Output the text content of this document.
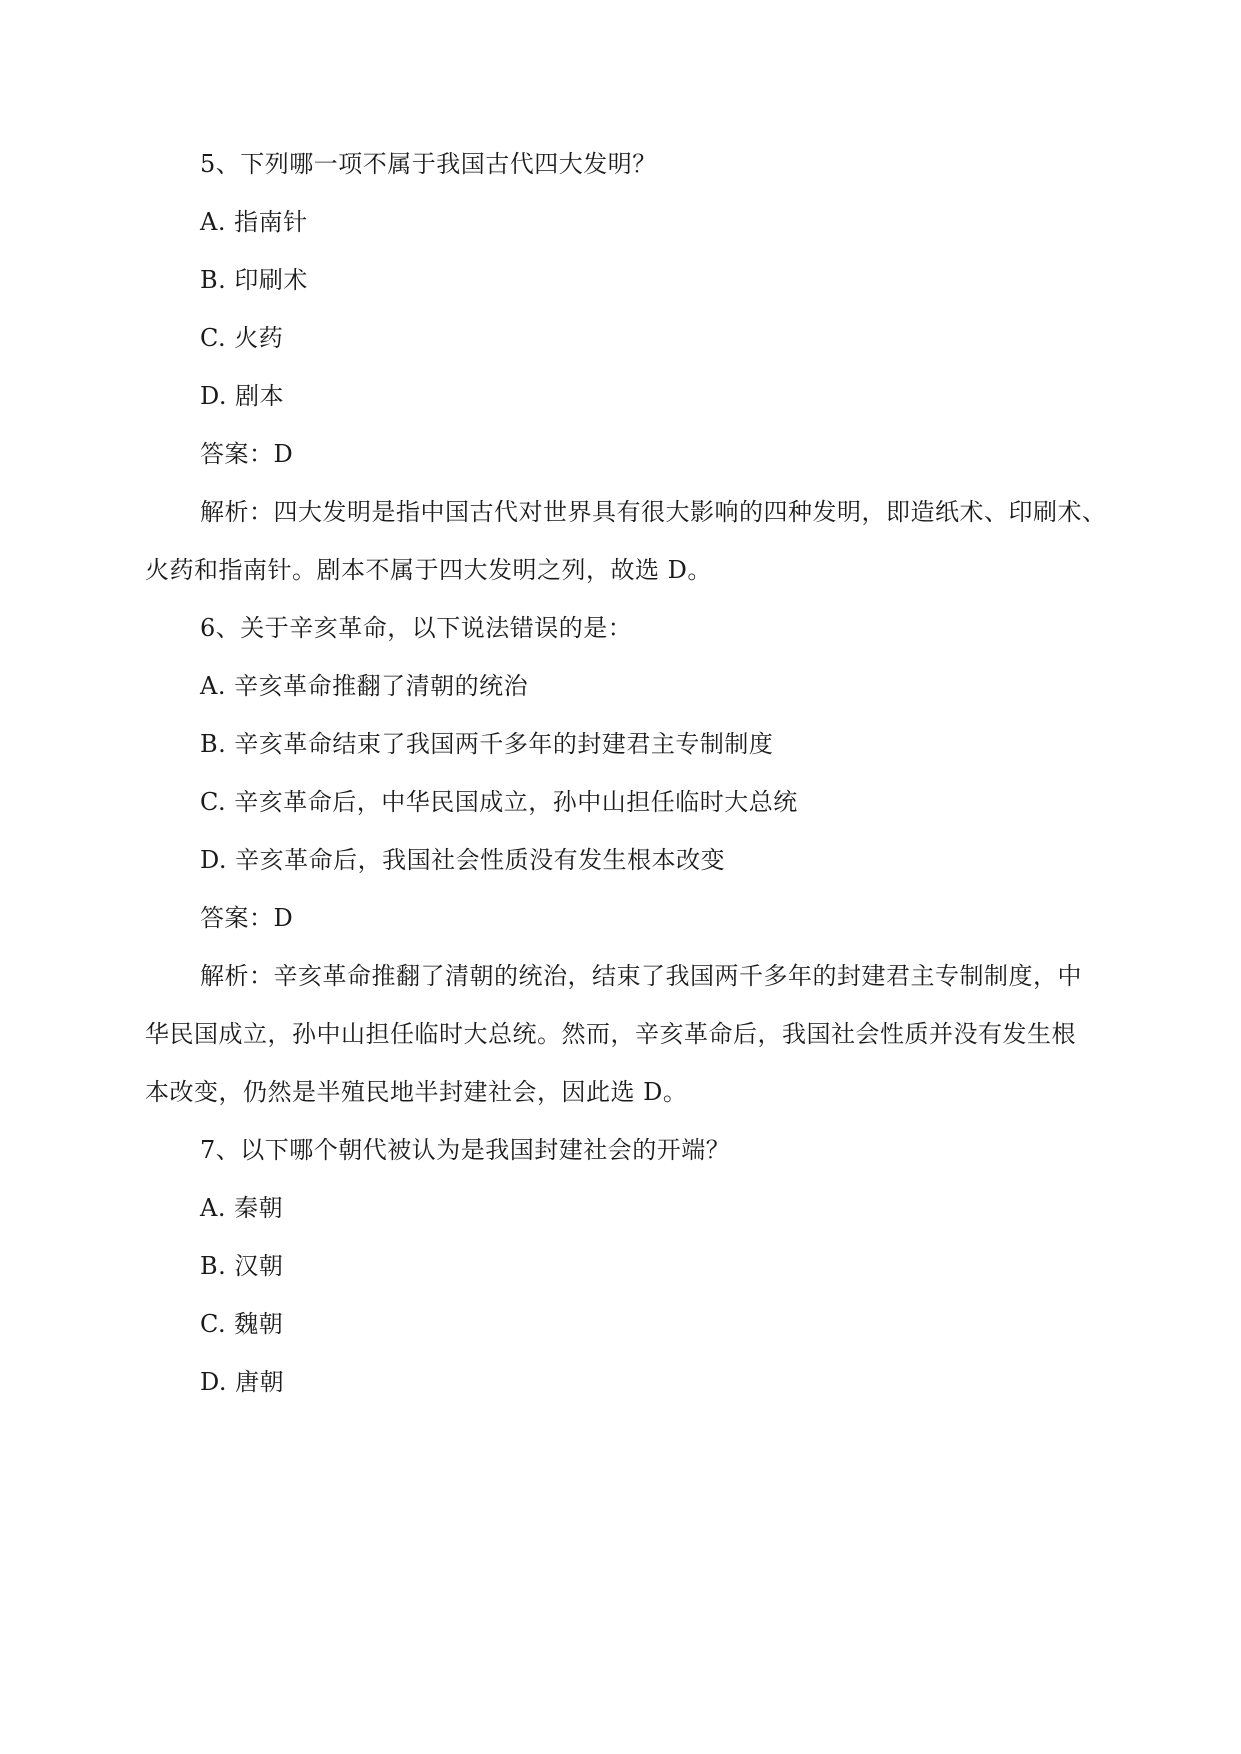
5、下列哪一项不属于我国古代四大发明？
A. 指南针
B. 印刷术
C. 火药
D. 剧本
答案：D
解析：四大发明是指中国古代对世界具有很大影响的四种发明，即造纸术、印刷术、
火药和指南针。剧本不属于四大发明之列，故选 D。
6、关于辛亥革命，以下说法错误的是：
A. 辛亥革命推翻了清朝的统治
B. 辛亥革命结束了我国两千多年的封建君主专制制度
C. 辛亥革命后，中华民国成立，孙中山担任临时大总统
D. 辛亥革命后，我国社会性质没有发生根本改变
答案：D
解析：辛亥革命推翻了清朝的统治，结束了我国两千多年的封建君主专制制度，中
华民国成立，孙中山担任临时大总统。然而，辛亥革命后，我国社会性质并没有发生根
本改变，仍然是半殖民地半封建社会，因此选 D。
7、以下哪个朝代被认为是我国封建社会的开端？
A. 秦朝
B. 汉朝
C. 魏朝
D. 唐朝
